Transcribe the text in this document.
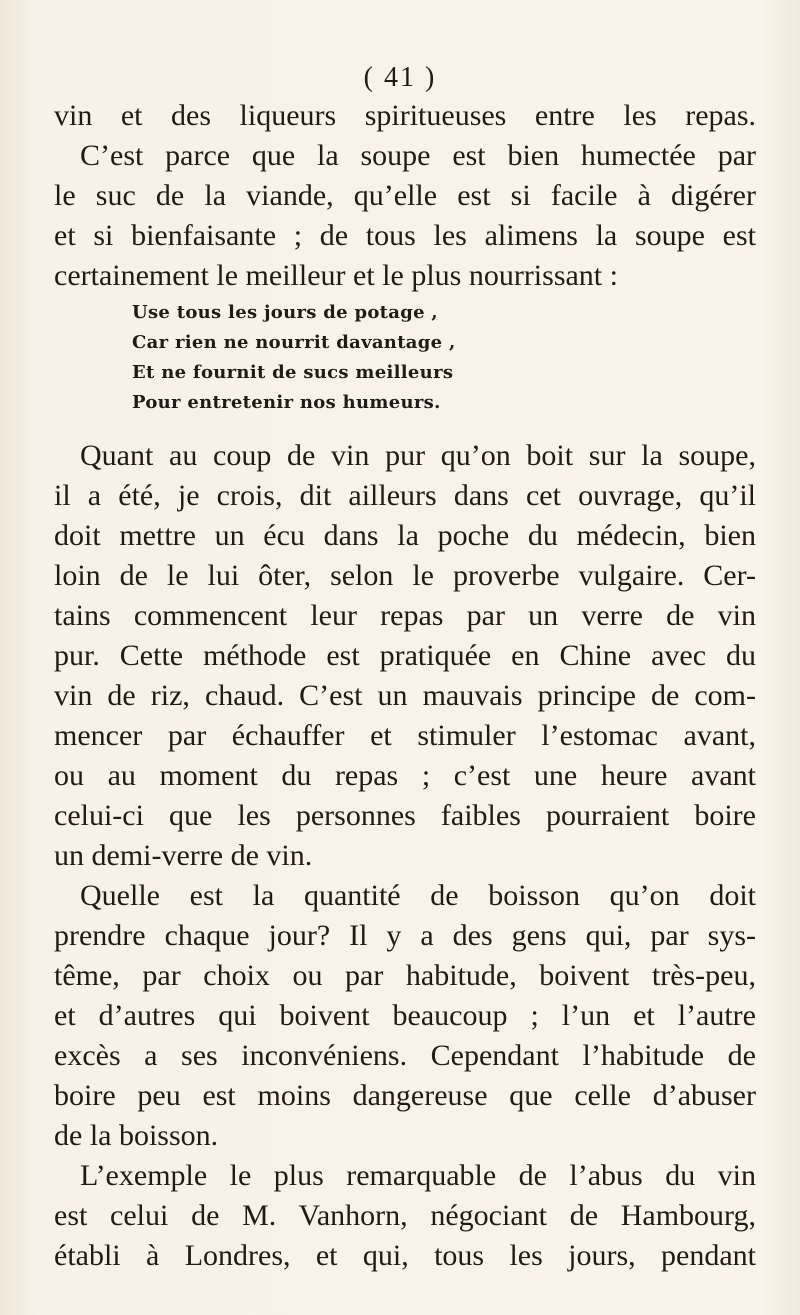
( 41 )
vin et des liqueurs spiritueuses entre les repas.
C’est parce que la soupe est bien humectée par
le suc de la viande, qu’elle est si facile à digérer
et si bienfaisante ; de tous les alimens la soupe est
certainement le meilleur et le plus nourrissant :
Use tous les jours de potage ,
Car rien ne nourrit davantage ,
Et ne fournit de sucs meilleurs
Pour entretenir nos humeurs.
Quant au coup de vin pur qu’on boit sur la soupe,
il a été, je crois, dit ailleurs dans cet ouvrage, qu’il
doit mettre un écu dans la poche du médecin, bien
loin de le lui ôter, selon le proverbe vulgaire. Cer-
tains commencent leur repas par un verre de vin
pur. Cette méthode est pratiquée en Chine avec du
vin de riz, chaud. C’est un mauvais principe de com-
mencer par échauffer et stimuler l’estomac avant,
ou au moment du repas ; c’est une heure avant
celui-ci que les personnes faibles pourraient boire
un demi-verre de vin.
Quelle est la quantité de boisson qu’on doit
prendre chaque jour? Il y a des gens qui, par sys-
tême, par choix ou par habitude, boivent très-peu,
et d’autres qui boivent beaucoup ; l’un et l’autre
excès a ses inconvéniens. Cependant l’habitude de
boire peu est moins dangereuse que celle d’abuser
de la boisson.
L’exemple le plus remarquable de l’abus du vin
est celui de M. Vanhorn, négociant de Hambourg,
établi à Londres, et qui, tous les jours, pendant
